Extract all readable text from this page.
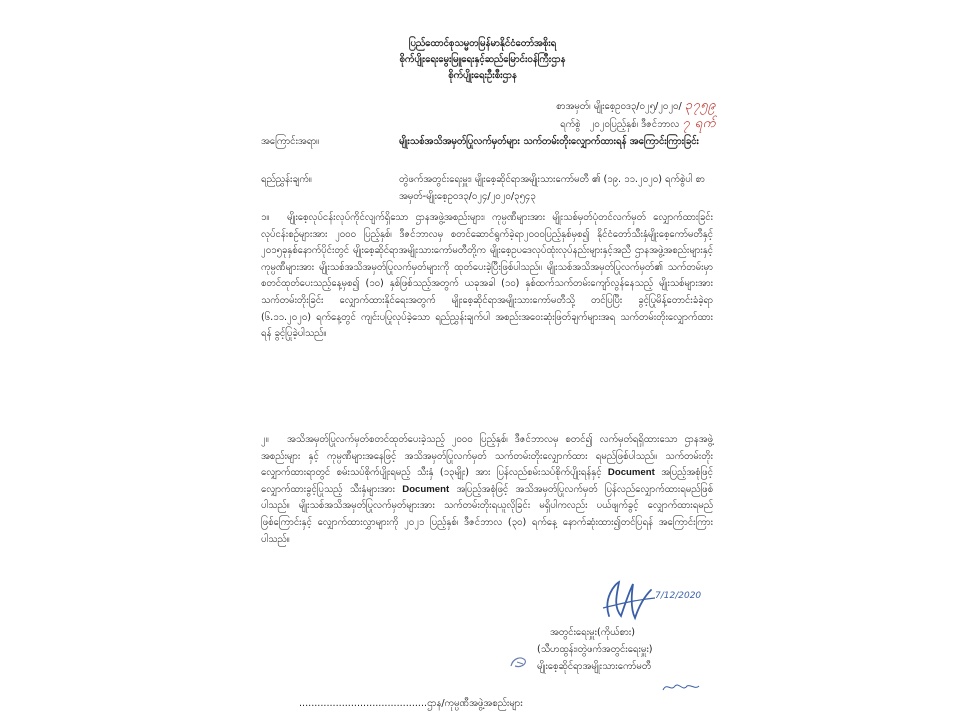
ပြည်ထောင်စုသမ္မတမြန်မာနိုင်ငံတော်အစိုးရ
စိုက်ပျိုးရေးမွေးမြူရေးနှင့်ဆည်မြောင်းဝန်ကြီးဌာန
စိုက်ပျိုးရေးဦးစီးဌာန
စာအမှတ်၊ မျိုးစေ့ဥ၀ဒ၃/၀၂၅/၂၀၂၀/ ၃၇၅၉
ရက်စွဲ ၂၀၂၀ပြည့်နှစ်၊ ဒီဇင်ဘာလ ၇ ရက်
အကြောင်းအရာ။	မျိုးသစ်အသိအမှတ်ပြုလက်မှတ်များ သက်တမ်းတိုးလျှောက်ထားရန် အကြောင်းကြားခြင်း
ရည်ညွှန်းချက်။	တွဲဖက်အတွင်းရေးမှူး၊ မျိုးစေ့ဆိုင်ရာအမျိုးသားကော်မတီ ၏ (၁၉. ၁၁.၂၀၂၀) ရက်စွဲပါ စာအမှတ်-မျိုးစေ့ဥ၀ဒ၃/၀၂၄/၂၀၂၀/၃၅၄၃
၁။ မျိုးစေ့လုပ်ငန်းလုပ်ကိုင်လျက်ရှိသော ဌာနအဖွဲ့အစည်းများ၊ ကုမ္ပဏီများအား မျိုးသစ်မှတ်ပုံတင်လက်မှတ် လျှောက်ထားခြင်းလုပ်ငန်းစဉ်များအား ၂၀၀၀ ပြည့်နှစ်၊ ဒီဇင်ဘာလမှ စတင်ဆောင်ရွက်ခဲ့ရာ၂၀၀၀ပြည့်နှစ်မှစ၍ နိုင်ငံတော်သီးနှံမျိုးစေ့ကော်မတီနှင့် ၂၀၁၅ခုနှစ်နောက်ပိုင်းတွင် မျိုးစေ့ဆိုင်ရာအမျိုးသားကော်မတီတို့က မျိုးစေ့ဥပဒေလုပ်ထုံးလုပ်နည်းများနှင့်အညီ ဌာနအဖွဲ့အစည်းများနှင့် ကုမ္ပဏီများအား မျိုးသစ်အသိအမှတ်ပြုလက်မှတ်များကို ထုတ်ပေးခဲ့ပြီးဖြစ်ပါသည်။ မျိုးသစ်အသိအမှတ်ပြုလက်မှတ်၏ သက်တမ်းမှာ စတင်ထုတ်ပေးသည့်နေ့မှစ၍ (၁၀) နှစ်ဖြစ်သည့်အတွက် ယခုအခါ (၁၀) နှစ်ထက်သက်တမ်းကျော်လွန်နေသည့် မျိုးသစ်များအား သက်တမ်းတိုးခြင်း လျှောက်ထားနိုင်ရေးအတွက် မျိုးစေ့ဆိုင်ရာအမျိုးသားကော်မတီသို့ တင်ပြပြီး ခွင့်ပြုမိန့်တောင်းခံခဲ့ရာ (၆.၁၁.၂၀၂၀) ရက်နေ့တွင် ကျင်းပပြုလုပ်ခဲ့သော ရည်ညွှန်းချက်ပါ အစည်းအဝေးဆုံးဖြတ်ချက်များအရ သက်တမ်းတိုးလျှောက်ထားရန် ခွင့်ပြုခဲ့ပါသည်။
၂။ အသိအမှတ်ပြုလက်မှတ်စတင်ထုတ်ပေးခဲ့သည့် ၂၀၀၀ ပြည့်နှစ်၊ ဒီဇင်ဘာလမှ စတင်၍ လက်မှတ်ရရှိထားသော ဌာနအဖွဲ့အစည်းများ နှင့် ကုမ္ပဏီများအနေဖြင့် အသိအမှတ်ပြုလက်မှတ် သက်တမ်းတိုးလျှောက်ထား ရမည်ဖြစ်ပါသည်။ သက်တမ်းတိုးလျှောက်ထားရာတွင် စမ်းသပ်စိုက်ပျိုးရမည့် သီးနှံ (၁၃မျိုး) အား ပြန်လည်စမ်းသပ်စိုက်ပျိုးရန်နှင့် Document အပြည့်အစုံဖြင့် လျှောက်ထားခွင့်ပြုသည့် သီးနှံများအား Document အပြည့်အစုံဖြင့် အသိအမှတ်ပြုလက်မှတ် ပြန်လည်လျှောက်ထားရမည်ဖြစ်ပါသည်။ မျိုးသစ်အသိအမှတ်ပြုလက်မှတ်များအား သက်တမ်းတိုးရယူလိုခြင်း မရှိပါကလည်း ပယ်ဖျက်ခွင့် လျှောက်ထားရမည်ဖြစ်ကြောင်းနှင့် လျှောက်ထားလွှာများကို ၂၀၂၁ ပြည့်နှစ်၊ ဒီဇင်ဘာလ (၃၀) ရက်နေ့ နောက်ဆုံးထား၍တင်ပြရန် အကြောင်းကြားပါသည်။
7/12/2020
အတွင်းရေးမှူး(ကိုယ်စား)
(သီဟထွန်း၊တွဲဖက်အတွင်းရေးမှူး)
မျိုးစေ့ဆိုင်ရာအမျိုးသားကော်မတီ
..........................................ဌာန/ကုမ္ပဏီအဖွဲ့အစည်းများ
